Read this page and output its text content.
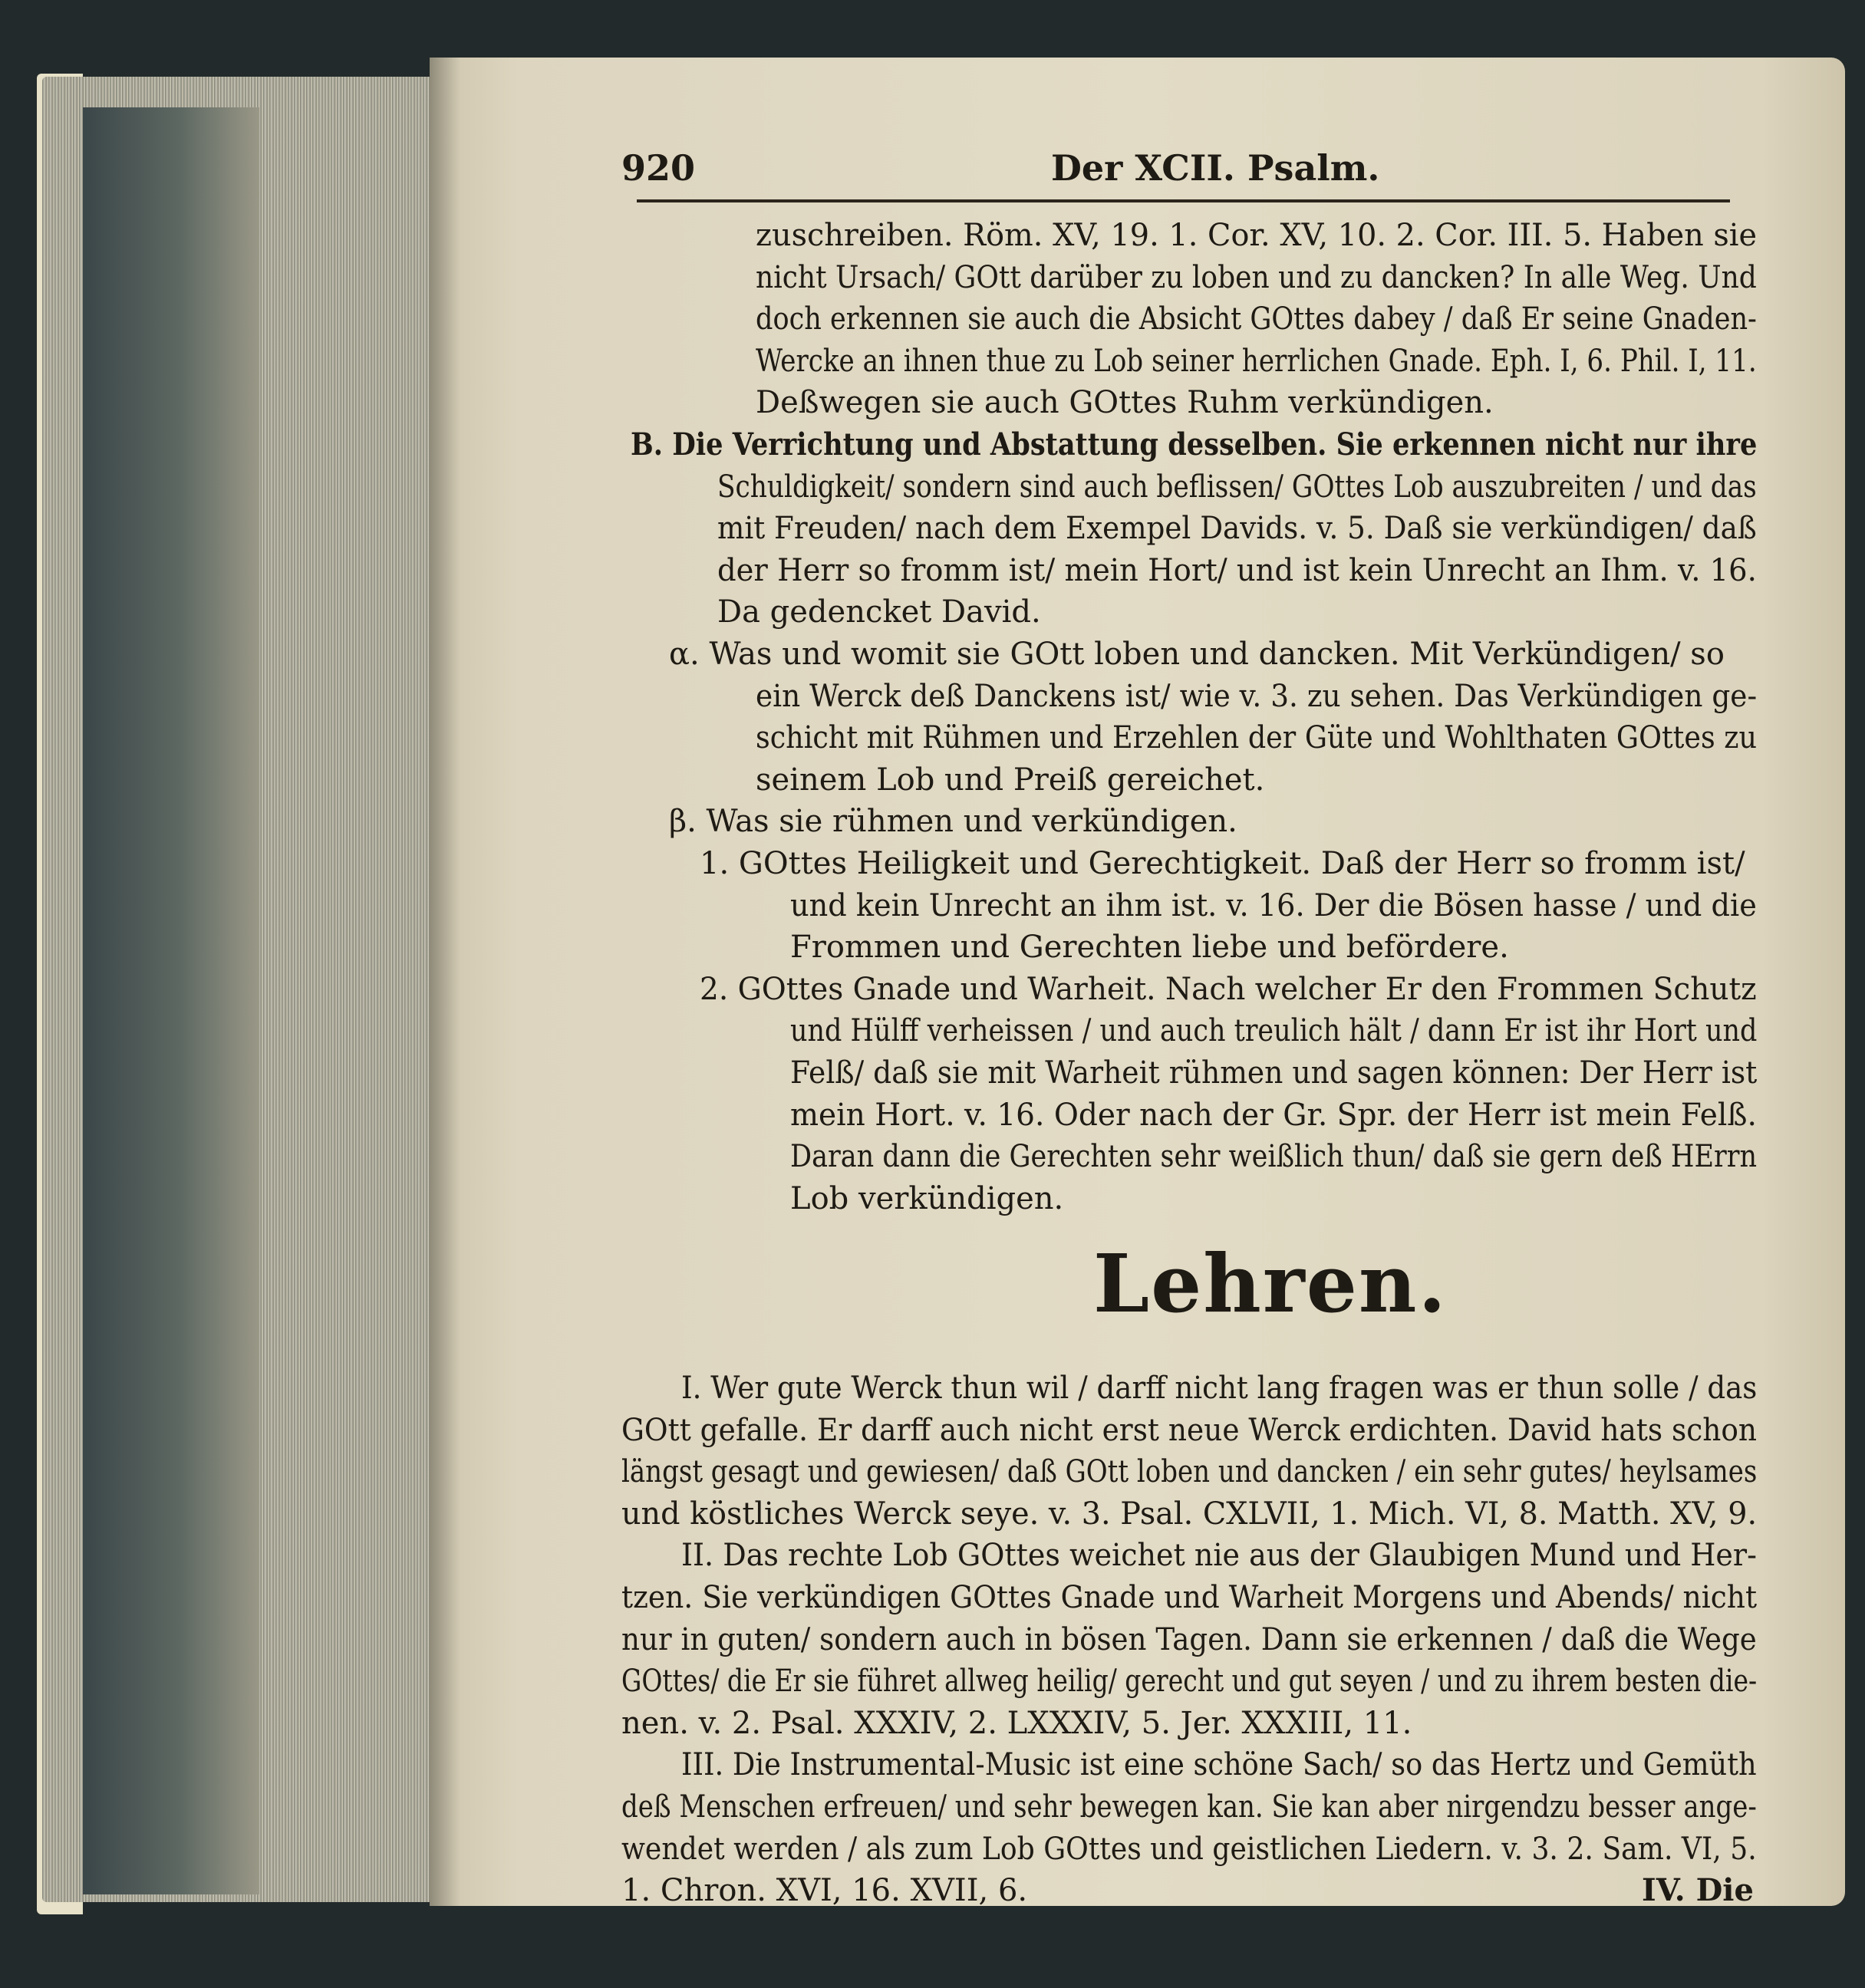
920	Der XCII. Psalm.
zuschreiben. Röm. XV, 19. 1. Cor. XV, 10. 2. Cor. III. 5. Haben sie
nicht Ursach/ GOtt darüber zu loben und zu dancken? In alle Weg. Und
doch erkennen sie auch die Absicht GOttes dabey / daß Er seine Gnaden-
Wercke an ihnen thue zu Lob seiner herrlichen Gnade. Eph. I, 6. Phil. I, 11.
Deßwegen sie auch GOttes Ruhm verkündigen.
B. Die Verrichtung und Abstattung desselben. Sie erkennen nicht nur ihre
Schuldigkeit/ sondern sind auch beflissen/ GOttes Lob auszubreiten / und das
mit Freuden/ nach dem Exempel Davids. v. 5. Daß sie verkündigen/ daß
der Herr so fromm ist/ mein Hort/ und ist kein Unrecht an Ihm. v. 16.
Da gedencket David.
α. Was und womit sie GOtt loben und dancken. Mit Verkündigen/ so
ein Werck deß Danckens ist/ wie v. 3. zu sehen. Das Verkündigen ge-
schicht mit Rühmen und Erzehlen der Güte und Wohlthaten GOttes zu
seinem Lob und Preiß gereichet.
β. Was sie rühmen und verkündigen.
1. GOttes Heiligkeit und Gerechtigkeit. Daß der Herr so fromm ist/
und kein Unrecht an ihm ist. v. 16. Der die Bösen hasse / und die
Frommen und Gerechten liebe und befördere.
2. GOttes Gnade und Warheit. Nach welcher Er den Frommen Schutz
und Hülff verheissen / und auch treulich hält / dann Er ist ihr Hort und
Felß/ daß sie mit Warheit rühmen und sagen können: Der Herr ist
mein Hort. v. 16. Oder nach der Gr. Spr. der Herr ist mein Felß.
Daran dann die Gerechten sehr weißlich thun/ daß sie gern deß HErrn
Lob verkündigen.
Lehren.
I. Wer gute Werck thun wil / darff nicht lang fragen was er thun solle / das
GOtt gefalle. Er darff auch nicht erst neue Werck erdichten. David hats schon
längst gesagt und gewiesen/ daß GOtt loben und dancken / ein sehr gutes/ heylsames
und köstliches Werck seye. v. 3. Psal. CXLVII, 1. Mich. VI, 8. Matth. XV, 9.
II. Das rechte Lob GOttes weichet nie aus der Glaubigen Mund und Her-
tzen. Sie verkündigen GOttes Gnade und Warheit Morgens und Abends/ nicht
nur in guten/ sondern auch in bösen Tagen. Dann sie erkennen / daß die Wege
GOttes/ die Er sie führet allweg heilig/ gerecht und gut seyen / und zu ihrem besten die-
nen. v. 2. Psal. XXXIV, 2. LXXXIV, 5. Jer. XXXIII, 11.
III. Die Instrumental-Music ist eine schöne Sach/ so das Hertz und Gemüth
deß Menschen erfreuen/ und sehr bewegen kan. Sie kan aber nirgendzu besser ange-
wendet werden / als zum Lob GOttes und geistlichen Liedern. v. 3. 2. Sam. VI, 5.
1. Chron. XVI, 16. XVII, 6.	IV. Die
